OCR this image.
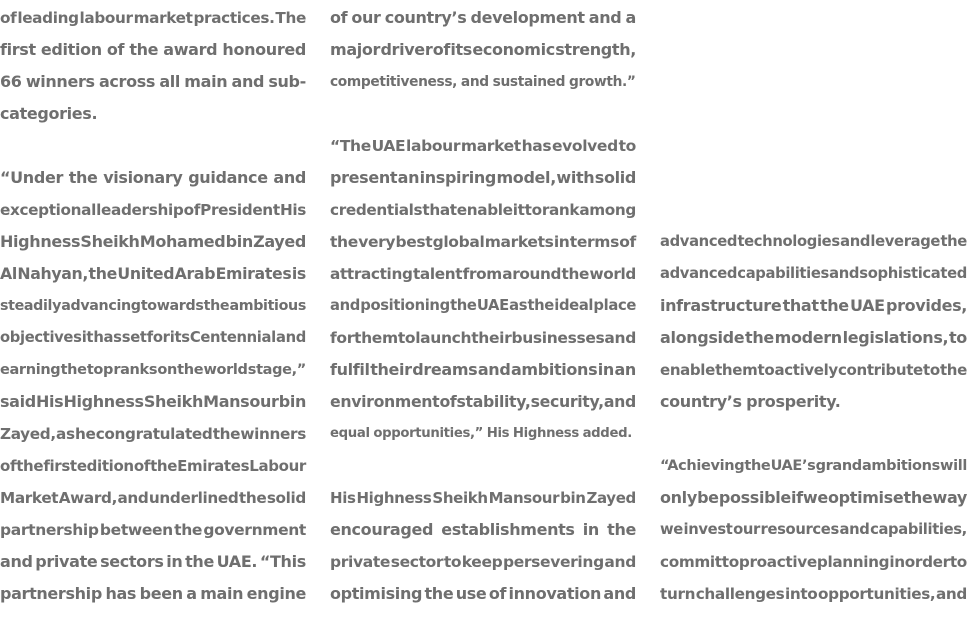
of leading labour market practices. The
first edition of the award honoured
66 winners across all main and sub-
categories.
“Under the visionary guidance and
exceptional leadership of President His
Highness Sheikh Mohamed bin Zayed
Al Nahyan, the United Arab Emirates is
steadily advancing towards the ambitious
objectives it has set for its Centennial and
earning the top ranks on the world stage,”
said His Highness Sheikh Mansour bin
Zayed, as he congratulated the winners
of the first edition of the Emirates Labour
Market Award, and underlined the solid
partnership between the government
and private sectors in the UAE. “This
partnership has been a main engine
of our country’s development and a
major driver of its economic strength,
competitiveness, and sustained growth.”
“The UAE labour market has evolved to
present an inspiring model, with solid
credentials that enable it to rank among
the very best global markets in terms of
attracting talent from around the world
and positioning the UAE as the ideal place
for them to launch their businesses and
fulfil their dreams and ambitions in an
environment of stability, security, and
equal opportunities,” His Highness added.
His Highness Sheikh Mansour bin Zayed
encouraged establishments in the
private sector to keep persevering and
optimising the use of innovation and
advanced technologies and leverage the
advanced capabilities and sophisticated
infrastructure that the UAE provides,
alongside the modern legislations, to
enable them to actively contribute to the
country’s prosperity.
“Achieving the UAE’s grand ambitions will
only be possible if we optimise the way
we invest our resources and capabilities,
commit to proactive planning in order to
turn challenges into opportunities, and
